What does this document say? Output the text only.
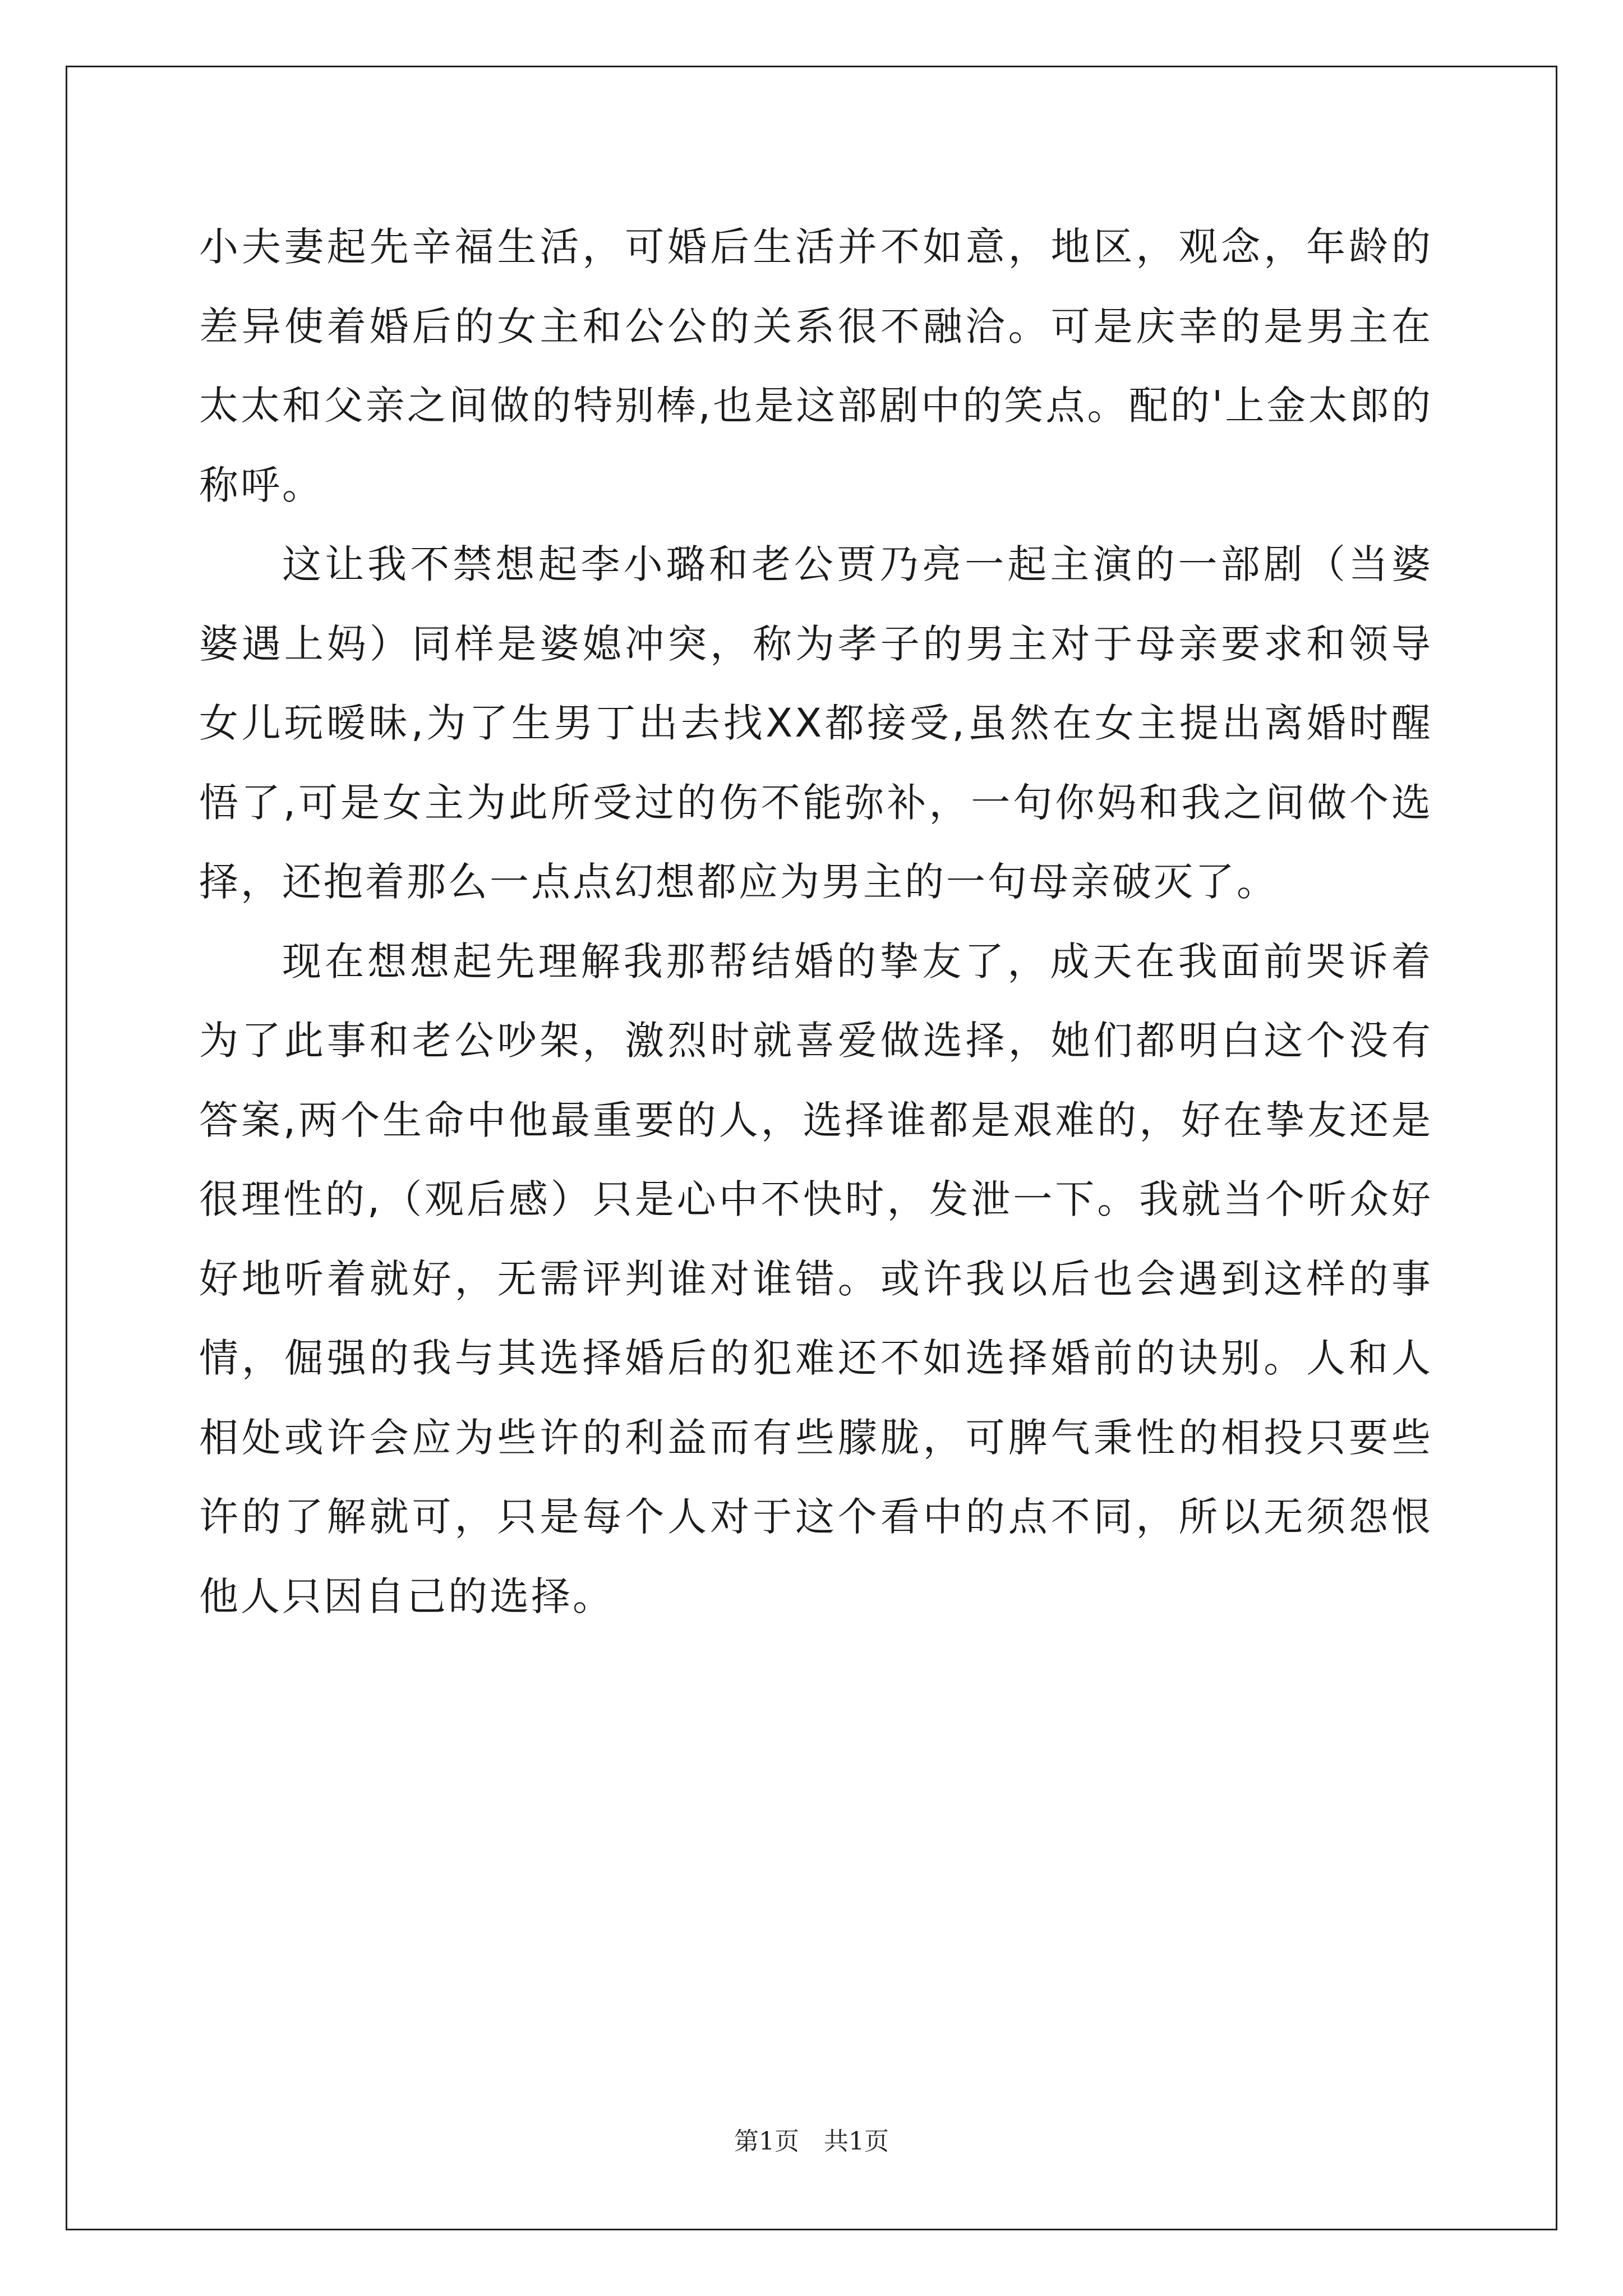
小夫妻起先辛福生活，可婚后生活并不如意，地区，观念，年龄的差异使着婚后的女主和公公的关系很不融洽。可是庆幸的是男主在太太和父亲之间做的特别棒,也是这部剧中的笑点。配的'上金太郎的称呼。

这让我不禁想起李小璐和老公贾乃亮一起主演的一部剧（当婆婆遇上妈）同样是婆媳冲突，称为孝子的男主对于母亲要求和领导女儿玩暧昧,为了生男丁出去找XX都接受,虽然在女主提出离婚时醒悟了,可是女主为此所受过的伤不能弥补，一句你妈和我之间做个选择，还抱着那么一点点幻想都应为男主的一句母亲破灭了。

现在想想起先理解我那帮结婚的挚友了，成天在我面前哭诉着为了此事和老公吵架，激烈时就喜爱做选择，她们都明白这个没有答案,两个生命中他最重要的人，选择谁都是艰难的，好在挚友还是很理性的,（观后感）只是心中不快时，发泄一下。我就当个听众好好地听着就好，无需评判谁对谁错。或许我以后也会遇到这样的事情，倔强的我与其选择婚后的犯难还不如选择婚前的诀别。人和人相处或许会应为些许的利益而有些朦胧，可脾气秉性的相投只要些许的了解就可，只是每个人对于这个看中的点不同，所以无须怨恨他人只因自己的选择。

第1页 共1页
